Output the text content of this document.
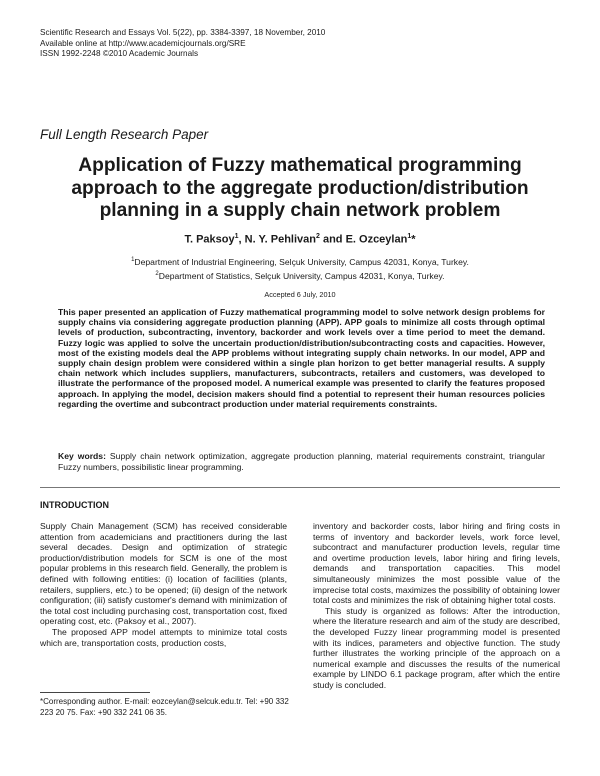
Scientific Research and Essays Vol. 5(22), pp. 3384-3397, 18 November, 2010
Available online at http://www.academicjournals.org/SRE
ISSN 1992-2248 ©2010 Academic Journals
Full Length Research Paper
Application of Fuzzy mathematical programming approach to the aggregate production/distribution planning in a supply chain network problem
T. Paksoy$^1$, N. Y. Pehlivan$^2$ and E. Ozceylan$^1$*
$^1$Department of Industrial Engineering, Selçuk University, Campus 42031, Konya, Turkey.
$^2$Department of Statistics, Selçuk University, Campus 42031, Konya, Turkey.
Accepted 6 July, 2010
This paper presented an application of Fuzzy mathematical programming model to solve network design problems for supply chains via considering aggregate production planning (APP). APP goals to minimize all costs through optimal levels of production, subcontracting, inventory, backorder and work levels over a time period to meet the demand. Fuzzy logic was applied to solve the uncertain production/distribution/subcontracting costs and capacities. However, most of the existing models deal the APP problems without integrating supply chain networks. In our model, APP and supply chain design problem were considered within a single plan horizon to get better managerial results. A supply chain network which includes suppliers, manufacturers, subcontracts, retailers and customers, was developed to illustrate the performance of the proposed model. A numerical example was presented to clarify the features proposed approach. In applying the model, decision makers should find a potential to represent their human resources policies regarding the overtime and subcontract production under material requirements constraints.
Key words: Supply chain network optimization, aggregate production planning, material requirements constraint, triangular Fuzzy numbers, possibilistic linear programming.
INTRODUCTION

Supply Chain Management (SCM) has received considerable attention from academicians and practitioners during the last several decades. Design and optimization of strategic production/distribution models for SCM is one of the most popular problems in this research field. Generally, the problem is defined with following entities: (i) location of facilities (plants, retailers, suppliers, etc.) to be opened; (ii) design of the network configuration; (iii) satisfy customer's demand with minimization of the total cost including purchasing cost, transportation cost, fixed operating cost, etc. (Paksoy et al., 2007).

The proposed APP model attempts to minimize total costs which are, transportation costs, production costs,

inventory and backorder costs, labor hiring and firing costs in terms of inventory and backorder levels, work force level, subcontract and manufacturer production levels, regular time and overtime production levels, labor hiring and firing levels, demands and transportation capacities. This model simultaneously minimizes the most possible value of the imprecise total costs, maximizes the possibility of obtaining lower total costs and minimizes the risk of obtaining higher total costs.

This study is organized as follows: After the introduction, where the literature research and aim of the study are described, the developed Fuzzy linear programming model is presented with its indices, parameters and objective function. The study further illustrates the working principle of the approach on a numerical example and discusses the results of the numerical example by LINDO 6.1 package program, after which the entire study is concluded.

*Corresponding author. E-mail: eozceylan@selcuk.edu.tr. Tel: +90 332 223 20 75. Fax: +90 332 241 06 35.
